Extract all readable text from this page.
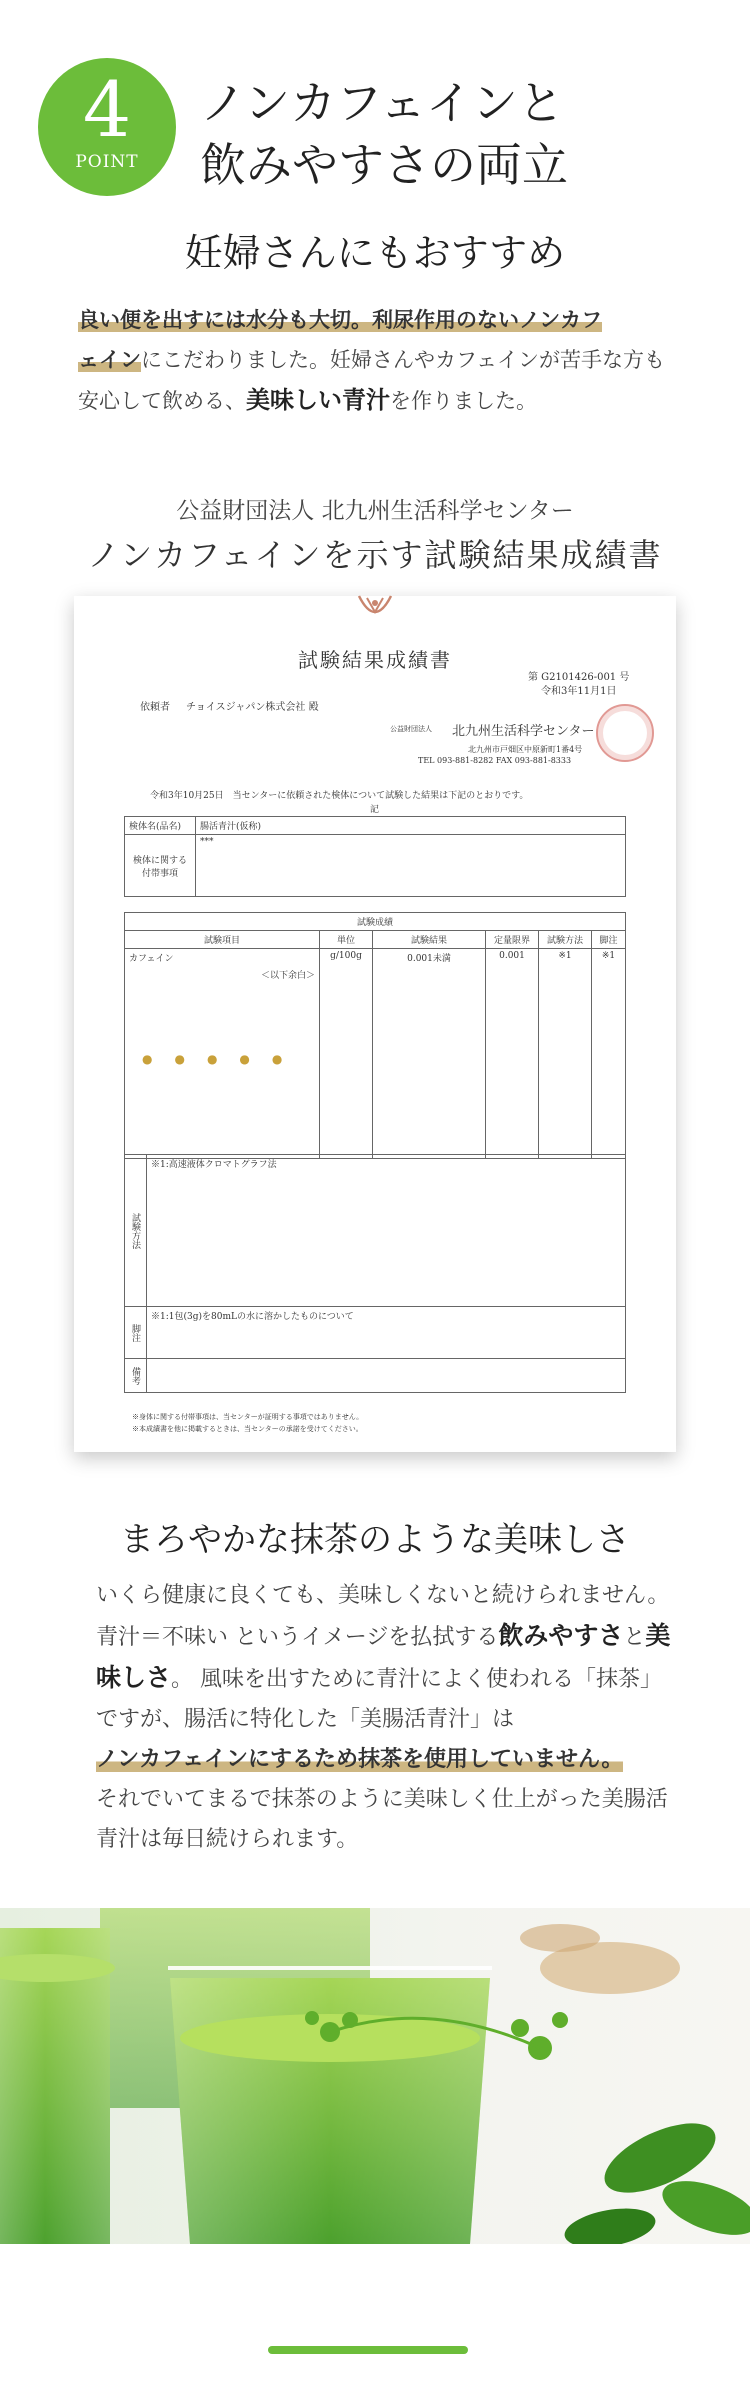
4
POINT
ノンカフェインと
飲みやすさの両立
妊婦さんにもおすすめ
良い便を出すには水分も大切。利尿作用のないノンカフ
ェインにこだわりました。妊婦さんやカフェインが苦手な方も安心して飲める、美味しい青汁を作りました。
公益財団法人 北九州生活科学センター
ノンカフェインを示す試験結果成績書
試験結果成績書
第 G2101426-001 号
令和3年11月1日
依頼者 チョイスジャパン株式会社 殿
公益財団法人 北九州生活科学センター
北九州市戸畑区中原新町1番4号
TEL 093-881-8282 FAX 093-881-8333
令和3年10月25日　当センターに依頼された検体について試験した結果は下記のとおりです。
記
検体名(品名)	腸活青汁(仮称)
検体に関する付帯事項	***
試験成績					
試験項目	単位	試験結果	定量限界	試験方法	脚注

カフェイン
＜以下余白＞	g/100g	0.001未満	0.001	※1	※1
●●●●●
試験方法	※1:高速液体クロマトグラフ法
脚注	※1:1包(3g)を80mLの水に溶かしたものについて
備考	
※身体に関する付帯事項は、当センターが証明する事項ではありません。
※本成績書を他に掲載するときは、当センターの承諾を受けてください。
まろやかな抹茶のような美味しさ
いくら健康に良くても、美味しくないと続けられません。青汁＝不味い というイメージを払拭する飲みやすさと美味しさ。 風味を出すために青汁によく使われる「抹茶」ですが、腸活に特化した「美腸活青汁」は
ノンカフェインにするため抹茶を使用していません。
それでいてまるで抹茶のように美味しく仕上がった美腸活青汁は毎日続けられます。
